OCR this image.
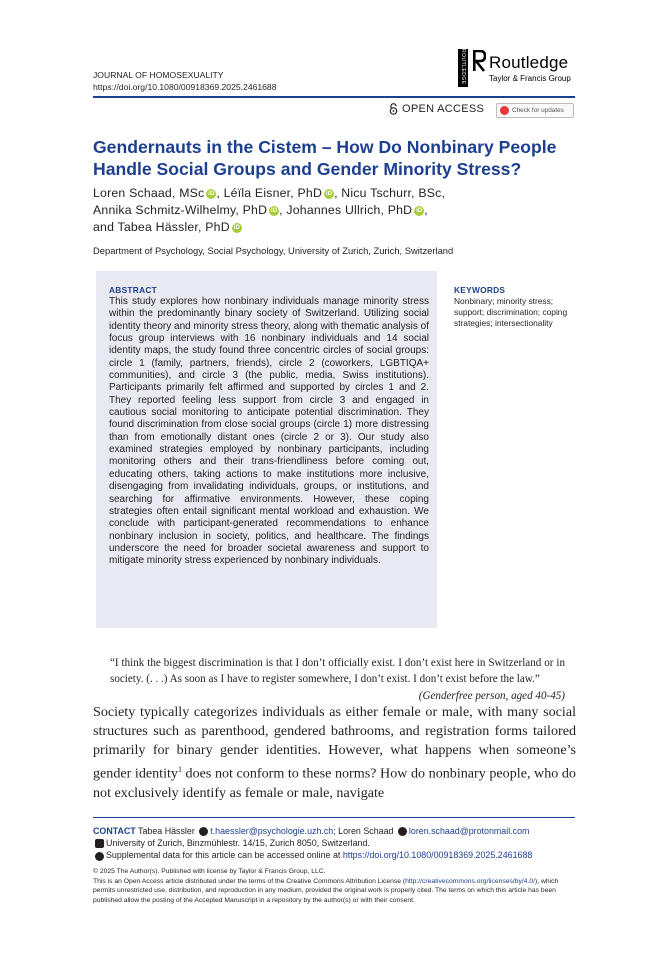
JOURNAL OF HOMOSEXUALITY
https://doi.org/10.1080/00918369.2025.2461688
ROUTLEDGE Routledge
Taylor & Francis Group
OPEN ACCESS	Check for updates
Gendernauts in the Cistem – How Do Nonbinary People
Handle Social Groups and Gender Minority Stress?
Loren Schaad, MSc iD , Léïla Eisner, PhD iD , Nicu Tschurr, BSc,
Annika Schmitz-Wilhelmy, PhD iD , Johannes Ullrich, PhD iD ,
and Tabea Hässler, PhD iD
Department of Psychology, Social Psychology, University of Zurich, Zurich, Switzerland
ABSTRACT
This study explores how nonbinary individuals manage minority stress within the predominantly binary society of Switzerland. Utilizing social identity theory and minority stress theory, along with thematic analysis of focus group interviews with 16 nonbinary individuals and 14 social identity maps, the study found three concentric circles of social groups: circle 1 (family, partners, friends), circle 2 (coworkers, LGBTIQA+ communities), and circle 3 (the public, media, Swiss institutions). Participants primarily felt affirmed and supported by circles 1 and 2. They reported feeling less support from circle 3 and engaged in cautious social monitoring to anticipate potential discrimination. They found discrimination from close social groups (circle 1) more distressing than from emotionally distant ones (circle 2 or 3). Our study also examined strategies employed by nonbinary participants, including monitoring others and their trans-friendliness before coming out, educating others, taking actions to make institutions more inclusive, disengaging from invalidating individuals, groups, or institutions, and searching for affirmative environments. However, these coping strategies often entail significant mental workload and exhaustion. We conclude with participant-generated recommendations to enhance nonbinary inclusion in society, politics, and healthcare. The findings underscore the need for broader societal awareness and support to mitigate minority stress experienced by nonbinary individuals.
KEYWORDS
Nonbinary; minority stress; support; discrimination; coping strategies; intersectionality
“I think the biggest discrimination is that I don’t officially exist. I don’t exist here in Switzerland or in society. (. . .) As soon as I have to register somewhere, I don’t exist. I don’t exist before the law.”
(Genderfree person, aged 40-45)
Society typically categorizes individuals as either female or male, with many social structures such as parenthood, gendered bathrooms, and registration forms tailored primarily for binary gender identities. However, what happens when someone’s gender identity$^1$ does not conform to these norms? How do nonbinary people, who do not exclusively identify as female or male, navigate
CONTACT Tabea Hässler t.haessler@psychologie.uzh.ch; Loren Schaad loren.schaad@protonmail.com
University of Zurich, Binzmühlestr. 14/15, Zurich 8050, Switzerland.
Supplemental data for this article can be accessed online at https://doi.org/10.1080/00918369.2025.2461688
© 2025 The Author(s). Published with license by Taylor & Francis Group, LLC.
This is an Open Access article distributed under the terms of the Creative Commons Attribution License (http://creativecommons.org/licenses/by/4.0/), which permits unrestricted use, distribution, and reproduction in any medium, provided the original work is properly cited. The terms on which this article has been published allow the posting of the Accepted Manuscript in a repository by the author(s) or with their consent.
